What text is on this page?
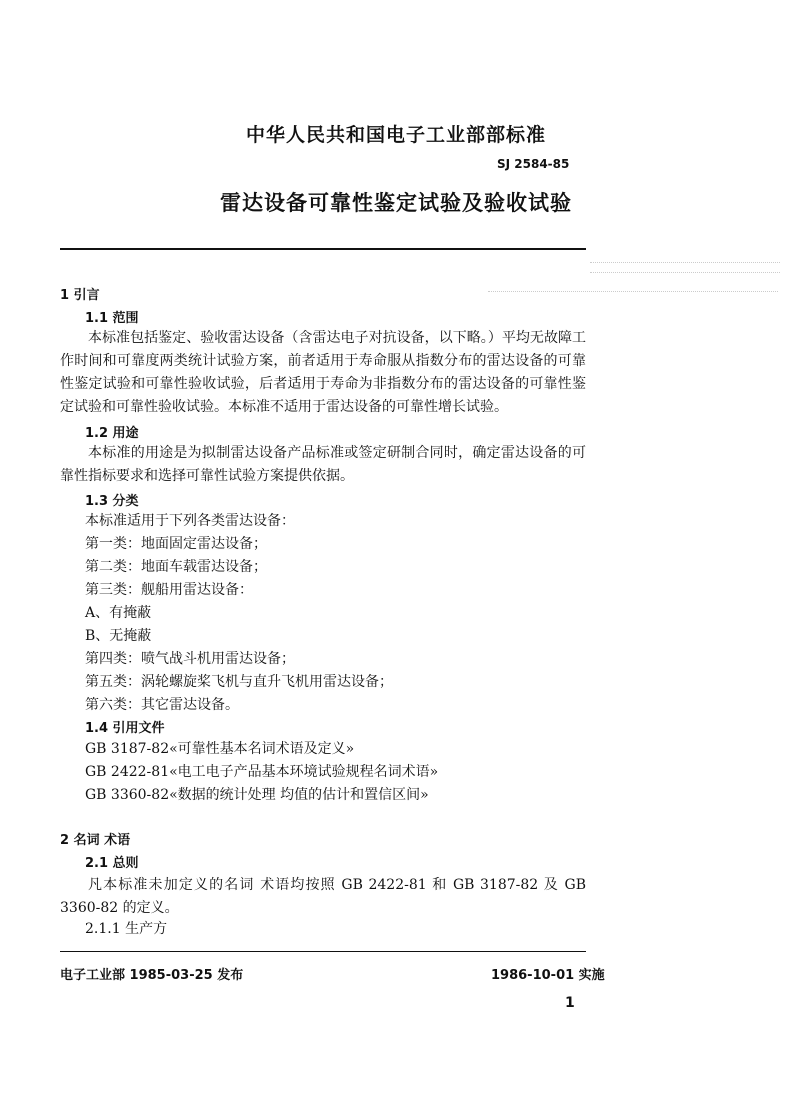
中华人民共和国电子工业部部标准
SJ 2584-85
雷达设备可靠性鉴定试验及验收试验
1 引言
1.1 范围

本标准包括鉴定、验收雷达设备（含雷达电子对抗设备，以下略。）平均无故障工作时间和可靠度两类统计试验方案，前者适用于寿命服从指数分布的雷达设备的可靠性鉴定试验和可靠性验收试验，后者适用于寿命为非指数分布的雷达设备的可靠性鉴定试验和可靠性验收试验。本标准不适用于雷达设备的可靠性增长试验。

1.2 用途

本标准的用途是为拟制雷达设备产品标准或签定研制合同时，确定雷达设备的可靠性指标要求和选择可靠性试验方案提供依据。

1.3 分类
本标准适用于下列各类雷达设备：
第一类：地面固定雷达设备；
第二类：地面车载雷达设备；
第三类：舰船用雷达设备：
A、有掩蔽
B、无掩蔽
第四类：喷气战斗机用雷达设备；
第五类：涡轮螺旋桨飞机与直升飞机用雷达设备；
第六类：其它雷达设备。
1.4 引用文件
GB 3187-82«可靠性基本名词术语及定义»
GB 2422-81«电工电子产品基本环境试验规程名词术语»
GB 3360-82«数据的统计处理 均值的估计和置信区间»
2 名词 术语
2.1 总则

凡本标准未加定义的名词 术语均按照 GB 2422-81 和 GB 3187-82 及 GB 3360-82 的定义。

2.1.1 生产方
电子工业部 1985-03-25 发布	1986-10-01 实施
1
